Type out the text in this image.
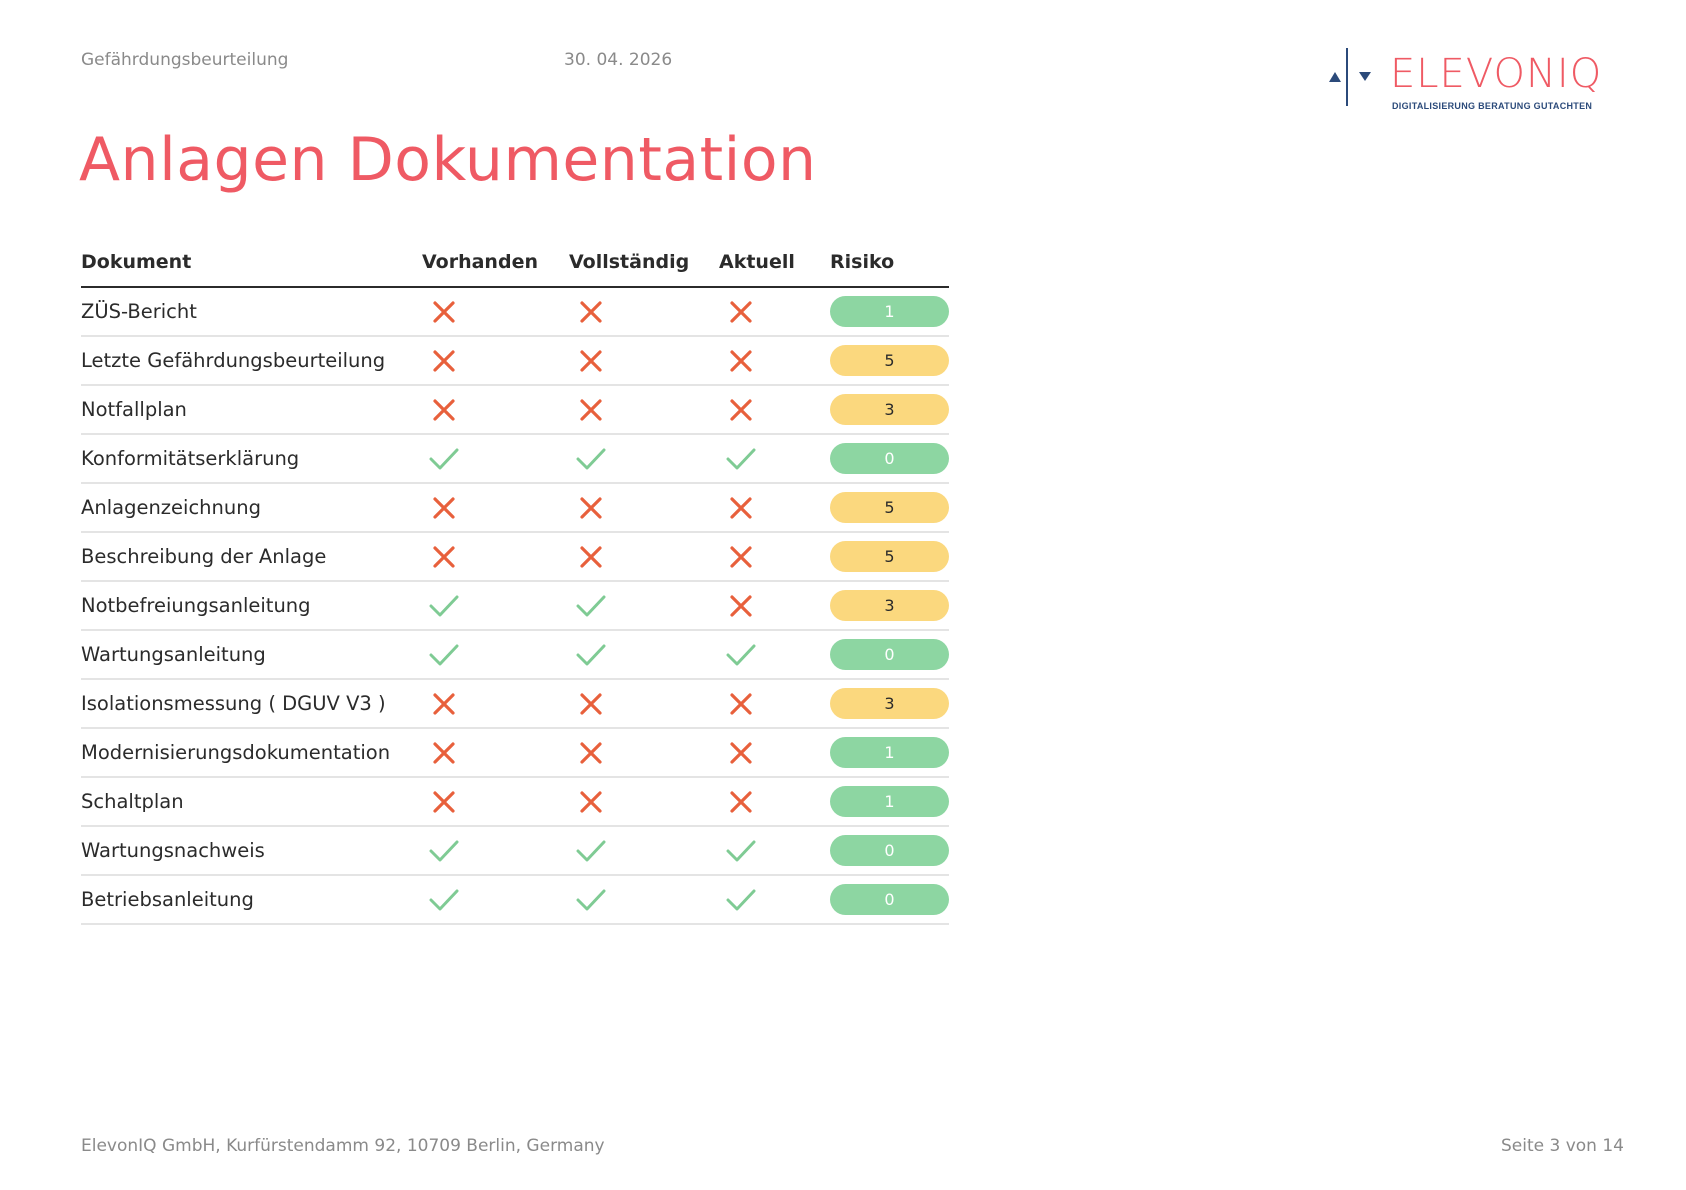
Gefährdungsbeurteilung	30. 04. 2026	ELEVONIQ
DIGITALISIERUNG BERATUNG GUTACHTEN
Anlagen Dokumentation
Dokument	Vorhanden	Vollständig	Aktuell	Risiko
ZÜS-Bericht				1

Letzte Gefährdungsbeurteilung				5

Notfallplan				3

Konformitätserklärung				0

Anlagenzeichnung				5

Beschreibung der Anlage				5

Notbefreiungsanleitung				3

Wartungsanleitung				0

Isolationsmessung ( DGUV V3 )				3

Modernisierungsdokumentation				1

Schaltplan				1

Wartungsnachweis				0

Betriebsanleitung				0
ElevonIQ GmbH, Kurfürstendamm 92, 10709 Berlin, Germany	Seite 3 von 14
